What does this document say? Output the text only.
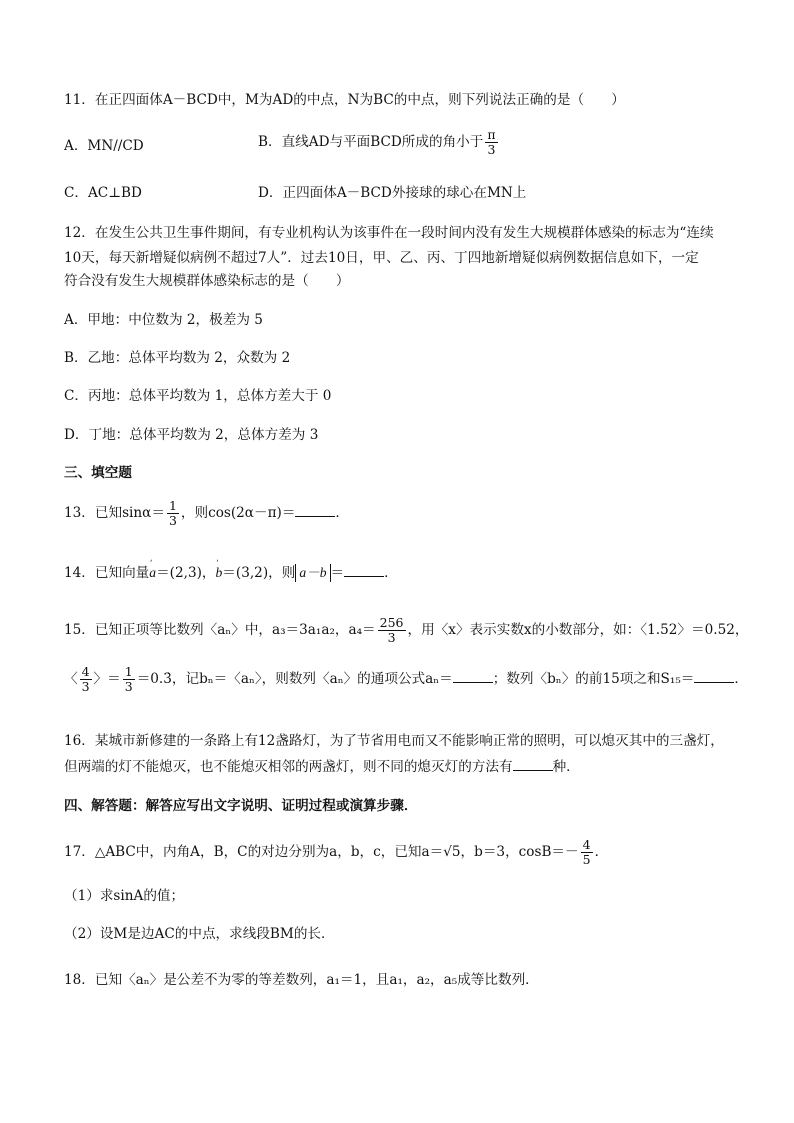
11．在正四面体A－BCD中，M为AD的中点，N为BC的中点，则下列说法正确的是（　　）
A．MN//CD	B．直线AD与平面BCD所成的角小于 $\frac{\pi}{3}$
C．AC⊥BD	D．正四面体A－BCD外接球的球心在MN上
12．在发生公共卫生事件期间，有专业机构认为该事件在一段时间内没有发生大规模群体感染的标志为“连续
10天，每天新增疑似病例不超过7人”．过去10日，甲、乙、丙、丁四地新增疑似病例数据信息如下，一定
符合没有发生大规模群体感染标志的是（　　）
A．甲地：中位数为 2，极差为 5
B．乙地：总体平均数为 2，众数为 2
C．丙地：总体平均数为 1，总体方差大于 0
D．丁地：总体平均数为 2，总体方差为 3
三、填空题
13．已知$\sin\alpha= \frac{1}{3}$ ，则cos(2α－π)＝	．
14．已知向量ʹ a＝(2,3)，ʹ b＝(3,2)，则 a－b ＝	．
15．已知正项等比数列〈aₙ〉中，a₃＝3a₁a₂，$a_4= \frac{256}{3}$ ，用〈x〉表示实数x的小数部分，如：〈1.52〉＝0.52，
〈 $\frac{4}{3}$ 〉＝ $\frac{1}{3}$ ＝0.3̇，记bₙ＝〈aₙ〉，则数列〈aₙ〉的通项公式aₙ＝	；数列〈bₙ〉的前15项之和S₁₅＝	．
16．某城市新修建的一条路上有12盏路灯，为了节省用电而又不能影响正常的照明，可以熄灭其中的三盏灯，
但两端的灯不能熄灭，也不能熄灭相邻的两盏灯，则不同的熄灭灯的方法有	种．
四、解答题：解答应写出文字说明、证明过程或演算步骤．
17．△ABC中，内角A，B，C的对边分别为a，b，c，已知a＝√5，b＝3，$\cos B=- \frac{4}{5}$ ．
（1）求sinA的值；
（2）设M是边AC的中点，求线段BM的长．
18．已知〈aₙ〉是公差不为零的等差数列，a₁＝1，且a₁，a₂，a₅成等比数列．
